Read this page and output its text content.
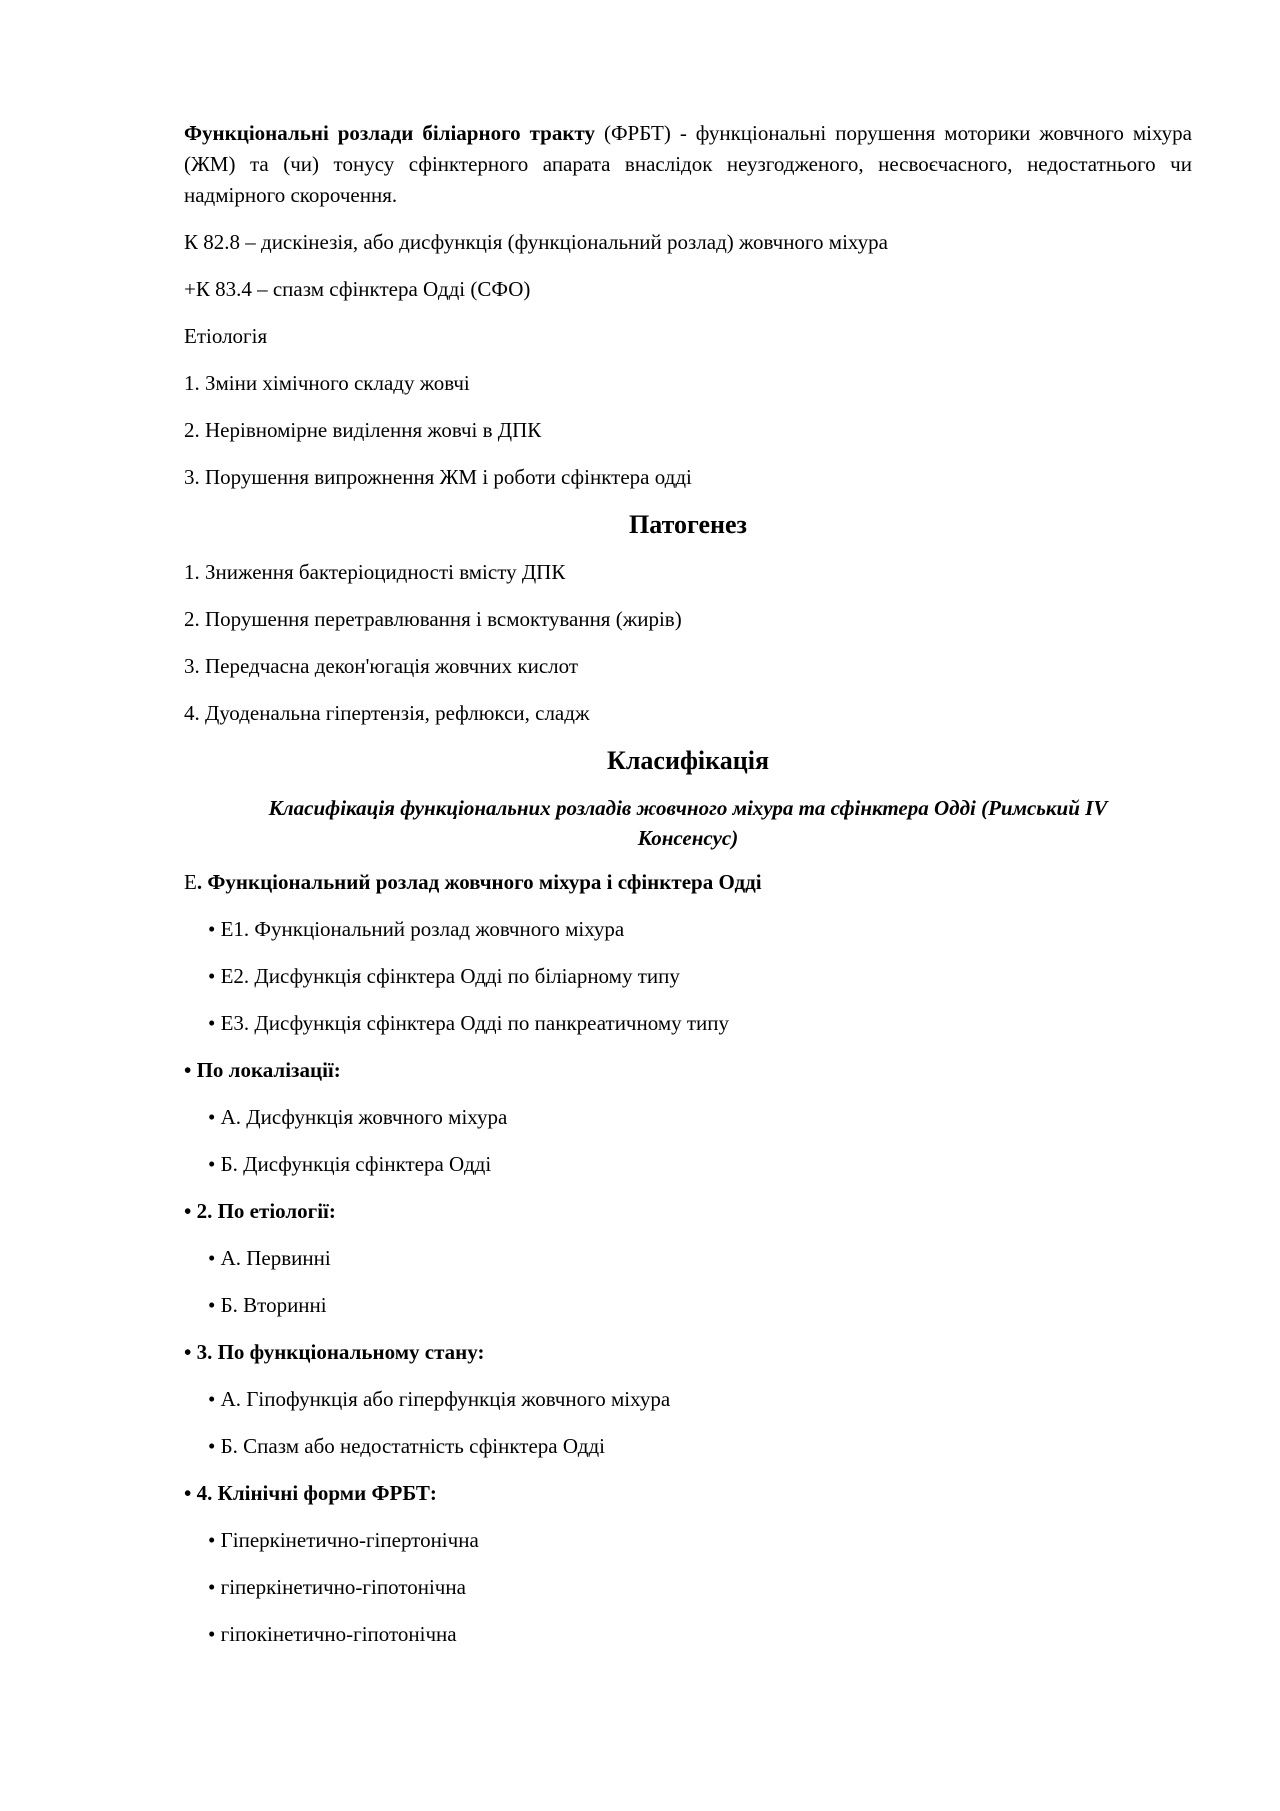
Функціональні розлади біліарного тракту (ФРБТ) - функціональні порушення моторики жовчного міхура (ЖМ) та (чи) тонусу сфінктерного апарата внаслідок неузгодженого, несвоєчасного, недостатнього чи надмірного скорочення.

К 82.8 – дискінезія, або дисфункція (функціональний розлад) жовчного міхура
+К 83.4 – спазм сфінктера Одді (СФО)
Етіологія
1. Зміни хімічного складу жовчі
2. Нерівномірне виділення жовчі в ДПК
3. Порушення випрожнення ЖМ і роботи сфінктера одді
Патогенез
1. Зниження бактеріоцидності вмісту ДПК
2. Порушення перетравлювання і всмоктування (жирів)
3. Передчасна декон'югація жовчних кислот
4. Дуоденальна гіпертензія, рефлюкси, сладж
Класифікація
Класифікація функціональних розладів жовчного міхура та сфінктера Одді (Римський IV
Консенсус)
Е. Функціональний розлад жовчного міхура і сфінктера Одді
• Е1. Функціональний розлад жовчного міхура
• Е2. Дисфункція сфінктера Одді по біліарному типу
• Е3. Дисфункція сфінктера Одді по панкреатичному типу
• По локалізації:
• А. Дисфункція жовчного міхура
• Б. Дисфункція сфінктера Одді
• 2. По етіології:
• А. Первинні
• Б. Вторинні
• 3. По функціональному стану:
• А. Гіпофункція або гіперфункція жовчного міхура
• Б. Спазм або недостатність сфінктера Одді
• 4. Клінічні форми ФРБТ:
• Гіперкінетично-гіпертонічна
• гіперкінетично-гіпотонічна
• гіпокінетично-гіпотонічна
